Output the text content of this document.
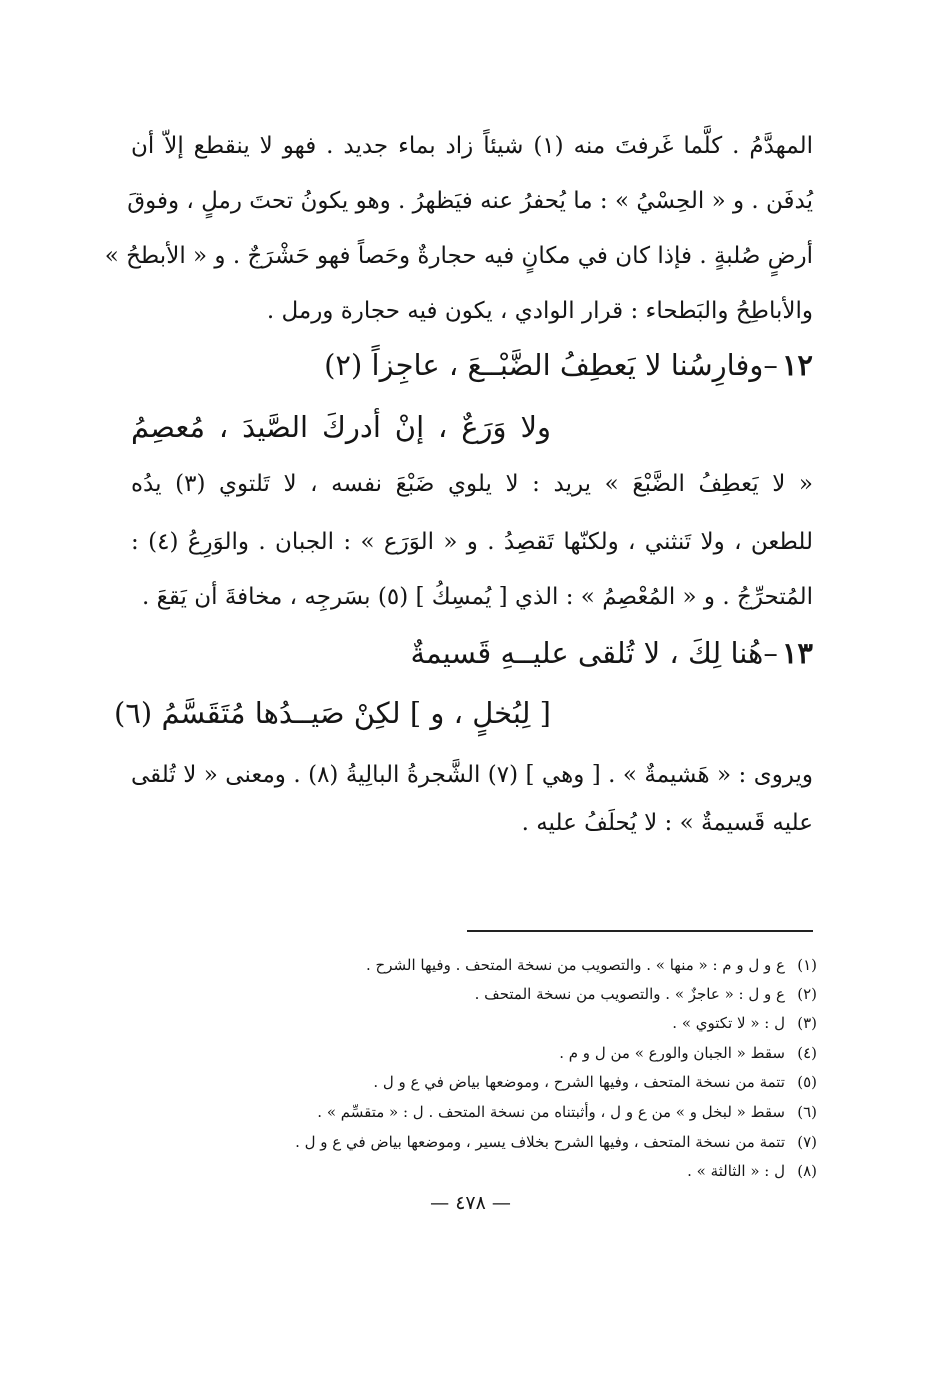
المهدَّمُ . كلَّما غَرفتَ منه (١) شيئاً زاد بماء جديد . فهو لا ينقطع إلاّ أن
يُدفَن . و « الحِسْيُ » : ما يُحفرُ عنه فيَظهرُ . وهو يكونُ تحتَ رملٍ ، وفوقَ
أرضٍ صُلبةٍ . فإذا كان في مكانٍ فيه حجارةٌ وحَصاً فهو حَشْرَجٌ . و « الأبطحُ »
والأباطِحُ والبَطحاء : قرار الوادي ، يكون فيه حجارة ورمل .
١٢–وفارِسُنا لا يَعطِفُ الضَّبْــعَ ، عاجِزاً (٢)
ولا وَرَعٌ ، إنْ أدركَ الصَّيدَ ، مُعصِمُ
« لا يَعطِفُ الضَّبْعَ » يريد : لا يلوي ضَبْعَ نفسه ، لا تَلتوي (٣) يدُه
للطعن ، ولا تَنثني ، ولكنّها تَقصِدُ . و « الوَرَع » : الجبان . والوَرِعُ (٤) :
المُتحرِّجُ . و « المُعْصِمُ » : الذي [ يُمسِكُ ] (٥) بسَرجِه ، مخافةَ أن يَقعَ .
١٣–هُنا لِكَ ، لا تُلقى عليــهِ قَسيمةٌ
[ لِبُخلٍ ، و ] لكِنْ صَيــدُها مُتَقَسَّمُ (٦)
ويروى : « هَشيمةٌ » . [ وهي ] (٧) الشَّجرةُ البالِيةُ (٨) . ومعنى « لا تُلقى
عليه قَسيمةٌ » : لا يُحلَفُ عليه .
(١)ع و ل و م : « منها » . والتصويب من نسخة المتحف . وفيها الشرح .
(٢)ع و ل : « عاجزٌ » . والتصويب من نسخة المتحف .
(٣)ل : « لا تكتوي » .
(٤)سقط « الجبان والورع » من ل و م .
(٥)تتمة من نسخة المتحف ، وفيها الشرح ، وموضعها بياض في ع و ل .
(٦)سقط « لبخل و » من ع و ل ، وأثبتناه من نسخة المتحف . ل : « متقسِّم » .
(٧)تتمة من نسخة المتحف ، وفيها الشرح بخلاف يسير ، وموضعها بياض في ع و ل .
(٨)ل : « الثالثة » .
— ٤٧٨ —
